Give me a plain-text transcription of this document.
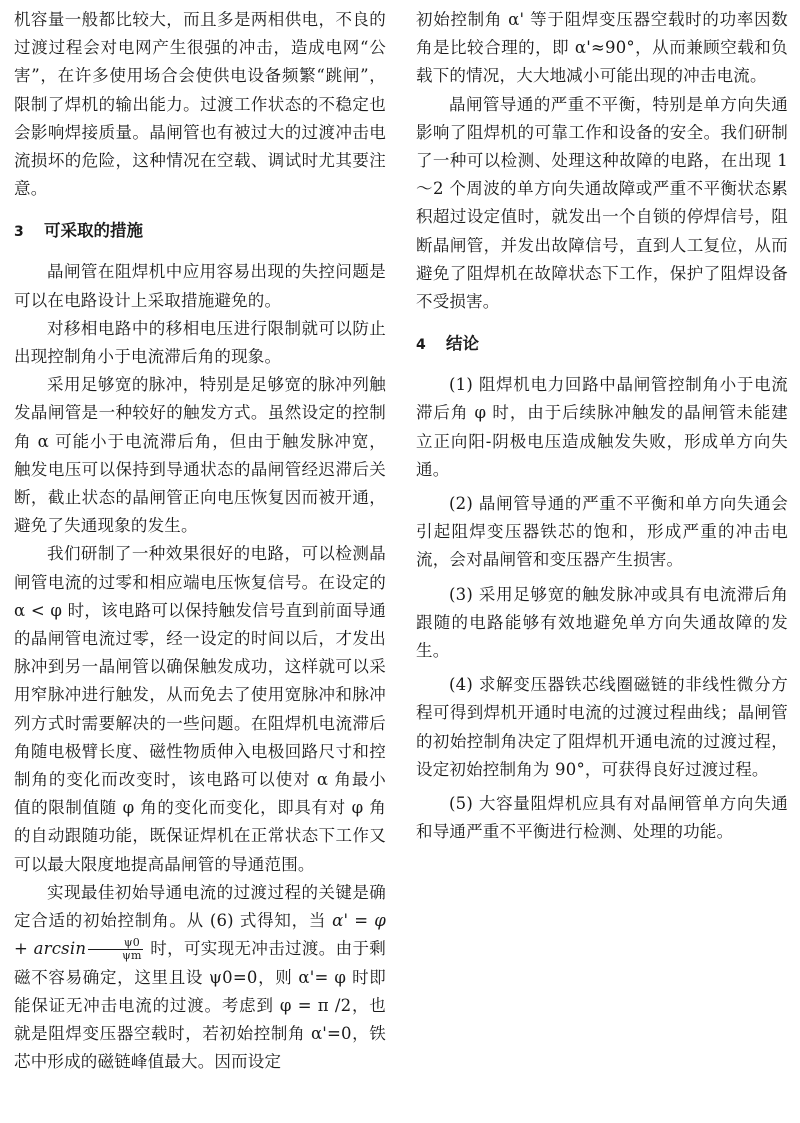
机容量一般都比较大，而且多是两相供电，不良的过渡过程会对电网产生很强的冲击，造成电网“公害”，在许多使用场合会使供电设备频繁“跳闸”，限制了焊机的输出能力。过渡工作状态的不稳定也会影响焊接质量。晶闸管也有被过大的过渡冲击电流损坏的危险，这种情况在空载、调试时尤其要注意。

3 可采取的措施

晶闸管在阻焊机中应用容易出现的失控问题是可以在电路设计上采取措施避免的。

对移相电路中的移相电压进行限制就可以防止出现控制角小于电流滞后角的现象。

采用足够宽的脉冲，特别是足够宽的脉冲列触发晶闸管是一种较好的触发方式。虽然设定的控制角 α 可能小于电流滞后角，但由于触发脉冲宽，触发电压可以保持到导通状态的晶闸管经迟滞后关断，截止状态的晶闸管正向电压恢复因而被开通，避免了失通现象的发生。

我们研制了一种效果很好的电路，可以检测晶闸管电流的过零和相应端电压恢复信号。在设定的 α < φ 时，该电路可以保持触发信号直到前面导通的晶闸管电流过零，经一设定的时间以后，才发出脉冲到另一晶闸管以确保触发成功，这样就可以采用窄脉冲进行触发，从而免去了使用宽脉冲和脉冲列方式时需要解决的一些问题。在阻焊机电流滞后角随电极臂长度、磁性物质伸入电极回路尺寸和控制角的变化而改变时，该电路可以使对 α 角最小值的限制值随 φ 角的变化而变化，即具有对 φ 角的自动跟随功能，既保证焊机在正常状态下工作又可以最大限度地提高晶闸管的导通范围。

实现最佳初始导通电流的过渡过程的关键是确定合适的初始控制角。从 (6) 式得知，当 $\alpha' = \varphi + \arcsin \frac{\psi 0}{\psi m}$ 时，可实现无冲击过渡。由于剩磁不容易确定，这里且设 ψ0=0，则 α'= φ 时即能保证无冲击电流的过渡。考虑到 φ = π /2，也就是阻焊变压器空载时，若初始控制角 α'=0，铁芯中形成的磁链峰值最大。因而设定

初始控制角 α' 等于阻焊变压器空载时的功率因数角是比较合理的，即 α'≈90°，从而兼顾空载和负载下的情况，大大地减小可能出现的冲击电流。

晶闸管导通的严重不平衡，特别是单方向失通影响了阻焊机的可靠工作和设备的安全。我们研制了一种可以检测、处理这种故障的电路，在出现 1～2 个周波的单方向失通故障或严重不平衡状态累积超过设定值时，就发出一个自锁的停焊信号，阻断晶闸管，并发出故障信号，直到人工复位，从而避免了阻焊机在故障状态下工作，保护了阻焊设备不受损害。

4 结论

(1) 阻焊机电力回路中晶闸管控制角小于电流滞后角 φ 时，由于后续脉冲触发的晶闸管未能建立正向阳-阴极电压造成触发失败，形成单方向失通。

(2) 晶闸管导通的严重不平衡和单方向失通会引起阻焊变压器铁芯的饱和，形成严重的冲击电流，会对晶闸管和变压器产生损害。

(3) 采用足够宽的触发脉冲或具有电流滞后角跟随的电路能够有效地避免单方向失通故障的发生。

(4) 求解变压器铁芯线圈磁链的非线性微分方程可得到焊机开通时电流的过渡过程曲线；晶闸管的初始控制角决定了阻焊机开通电流的过渡过程，设定初始控制角为 90°，可获得良好过渡过程。

(5) 大容量阻焊机应具有对晶闸管单方向失通和导通严重不平衡进行检测、处理的功能。
